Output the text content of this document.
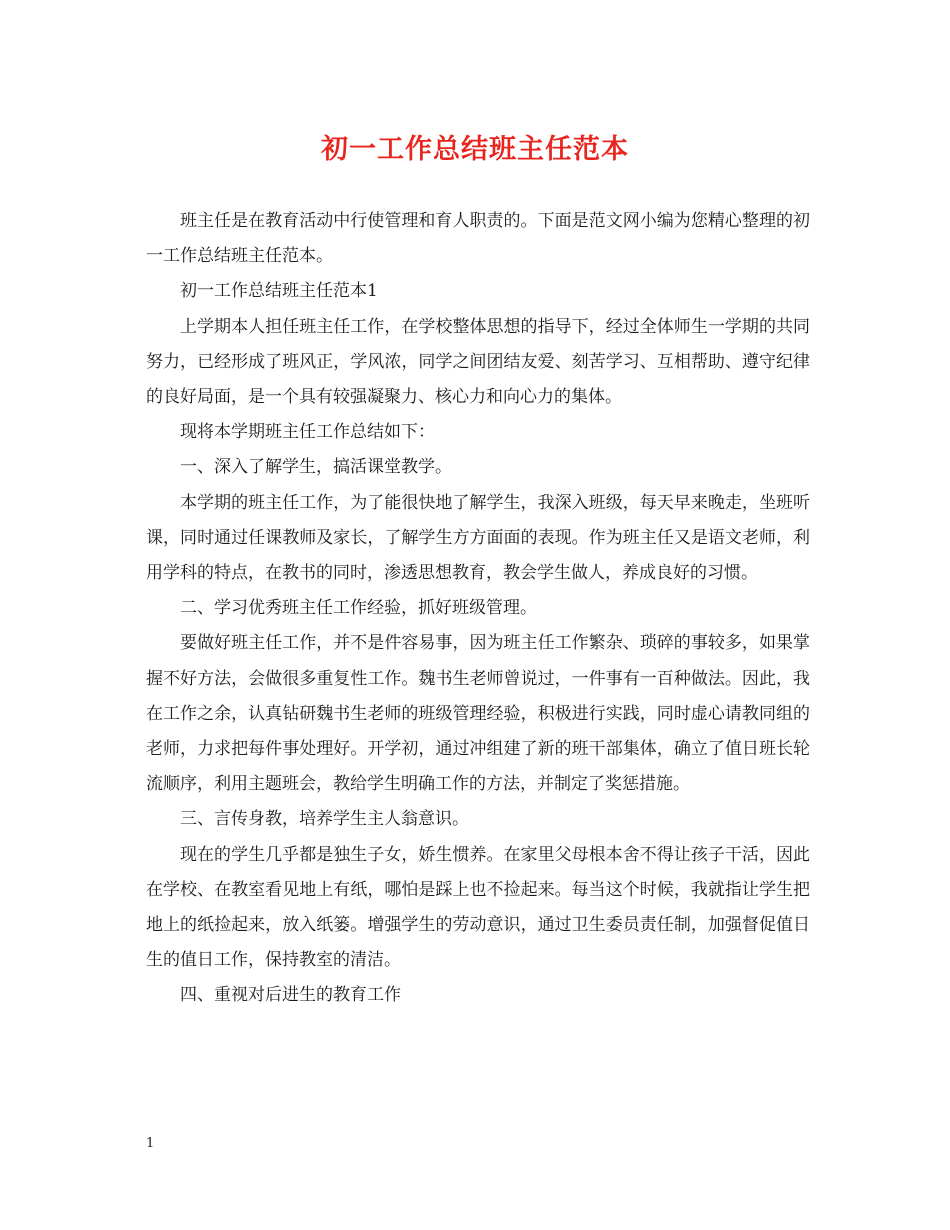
初一工作总结班主任范本

班主任是在教育活动中行使管理和育人职责的。下面是范文网小编为您精心整理的初一工作总结班主任范本。

初一工作总结班主任范本1

上学期本人担任班主任工作，在学校整体思想的指导下，经过全体师生一学期的共同努力，已经形成了班风正，学风浓，同学之间团结友爱、刻苦学习、互相帮助、遵守纪律的良好局面，是一个具有较强凝聚力、核心力和向心力的集体。

现将本学期班主任工作总结如下：

一、深入了解学生，搞活课堂教学。

本学期的班主任工作，为了能很快地了解学生，我深入班级，每天早来晚走，坐班听课，同时通过任课教师及家长，了解学生方方面面的表现。作为班主任又是语文老师，利用学科的特点，在教书的同时，渗透思想教育，教会学生做人，养成良好的习惯。

二、学习优秀班主任工作经验，抓好班级管理。

要做好班主任工作，并不是件容易事，因为班主任工作繁杂、琐碎的事较多，如果掌握不好方法，会做很多重复性工作。魏书生老师曾说过，一件事有一百种做法。因此，我在工作之余，认真钻研魏书生老师的班级管理经验，积极进行实践，同时虚心请教同组的老师，力求把每件事处理好。开学初，通过冲组建了新的班干部集体，确立了值日班长轮流顺序，利用主题班会，教给学生明确工作的方法，并制定了奖惩措施。

三、言传身教，培养学生主人翁意识。

现在的学生几乎都是独生子女，娇生惯养。在家里父母根本舍不得让孩子干活，因此在学校、在教室看见地上有纸，哪怕是踩上也不捡起来。每当这个时候，我就指让学生把地上的纸捡起来，放入纸篓。增强学生的劳动意识，通过卫生委员责任制，加强督促值日生的值日工作，保持教室的清洁。

四、重视对后进生的教育工作

1
